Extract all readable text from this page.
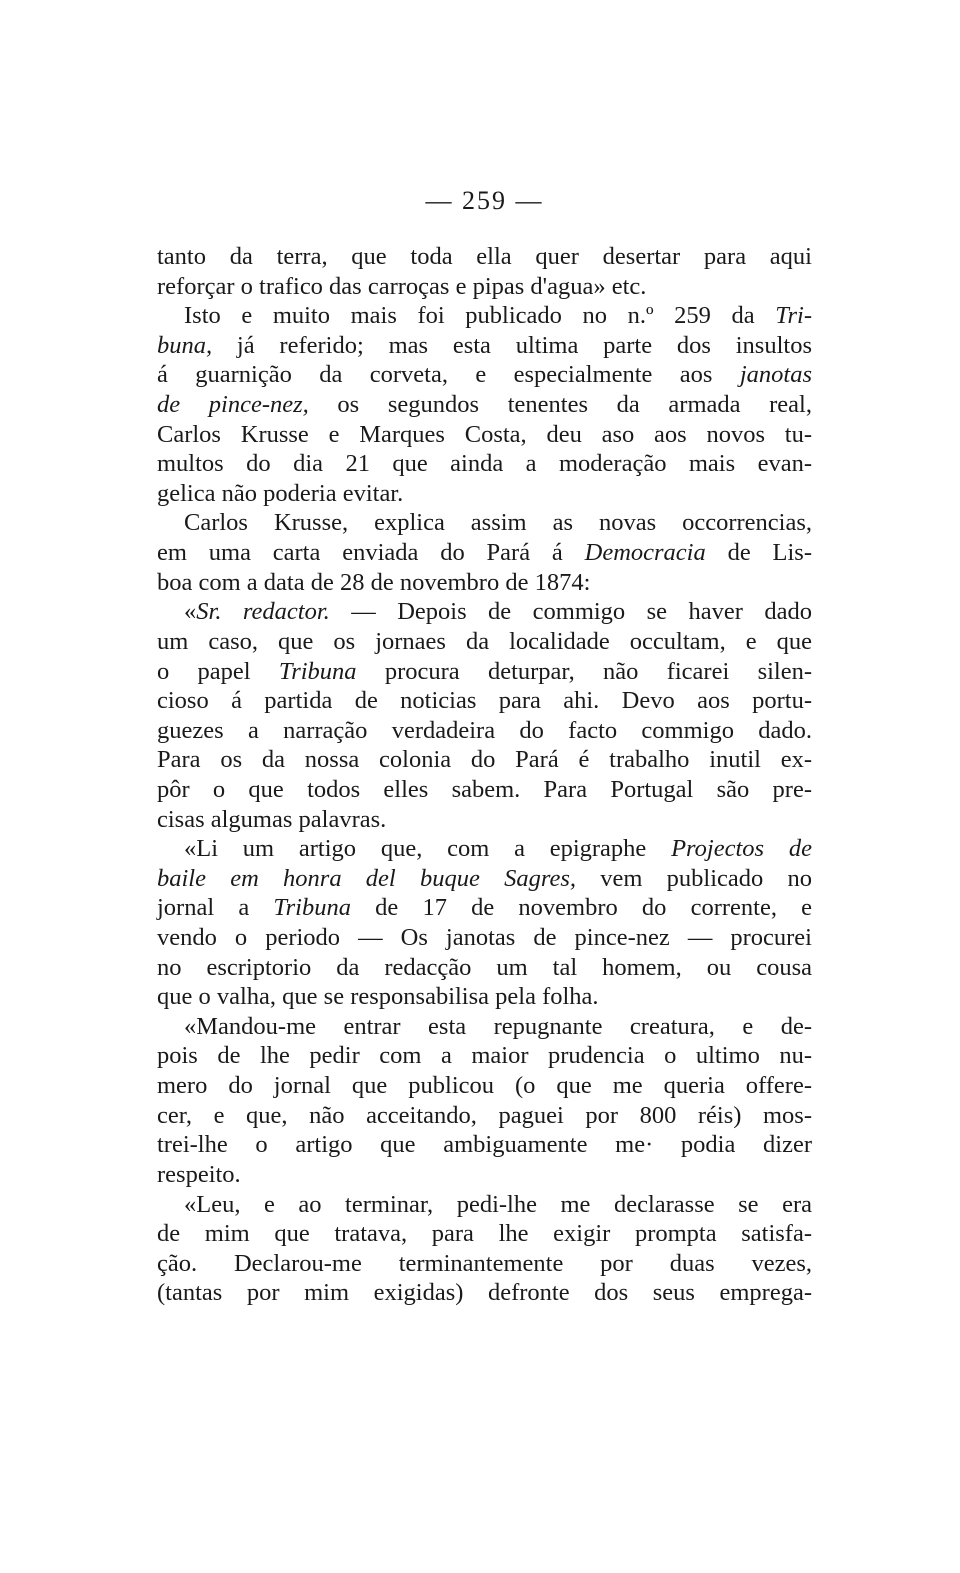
— 259 —
tanto da terra, que toda ella quer desertar para aqui
reforçar o trafico das carroças e pipas d'agua» etc.
Isto e muito mais foi publicado no n.º 259 da Tri-
buna, já referido; mas esta ultima parte dos insultos
á guarnição da corveta, e especialmente aos janotas
de pince-nez, os segundos tenentes da armada real,
Carlos Krusse e Marques Costa, deu aso aos novos tu-
multos do dia 21 que ainda a moderação mais evan-
gelica não poderia evitar.
Carlos Krusse, explica assim as novas occorrencias,
em uma carta enviada do Pará á Democracia de Lis-
boa com a data de 28 de novembro de 1874:
«Sr. redactor. — Depois de commigo se haver dado
um caso, que os jornaes da localidade occultam, e que
o papel Tribuna procura deturpar, não ficarei silen-
cioso á partida de noticias para ahi. Devo aos portu-
guezes a narração verdadeira do facto commigo dado.
Para os da nossa colonia do Pará é trabalho inutil ex-
pôr o que todos elles sabem. Para Portugal são pre-
cisas algumas palavras.
«Li um artigo que, com a epigraphe Projectos de
baile em honra del buque Sagres, vem publicado no
jornal a Tribuna de 17 de novembro do corrente, e
vendo o periodo — Os janotas de pince-nez — procurei
no escriptorio da redacção um tal homem, ou cousa
que o valha, que se responsabilisa pela folha.
«Mandou-me entrar esta repugnante creatura, e de-
pois de lhe pedir com a maior prudencia o ultimo nu-
mero do jornal que publicou (o que me queria offere-
cer, e que, não acceitando, paguei por 800 réis) mos-
trei-lhe o artigo que ambiguamente me· podia dizer
respeito.
«Leu, e ao terminar, pedi-lhe me declarasse se era
de mim que tratava, para lhe exigir prompta satisfa-
ção. Declarou-me terminantemente por duas vezes,
(tantas por mim exigidas) defronte dos seus emprega-
